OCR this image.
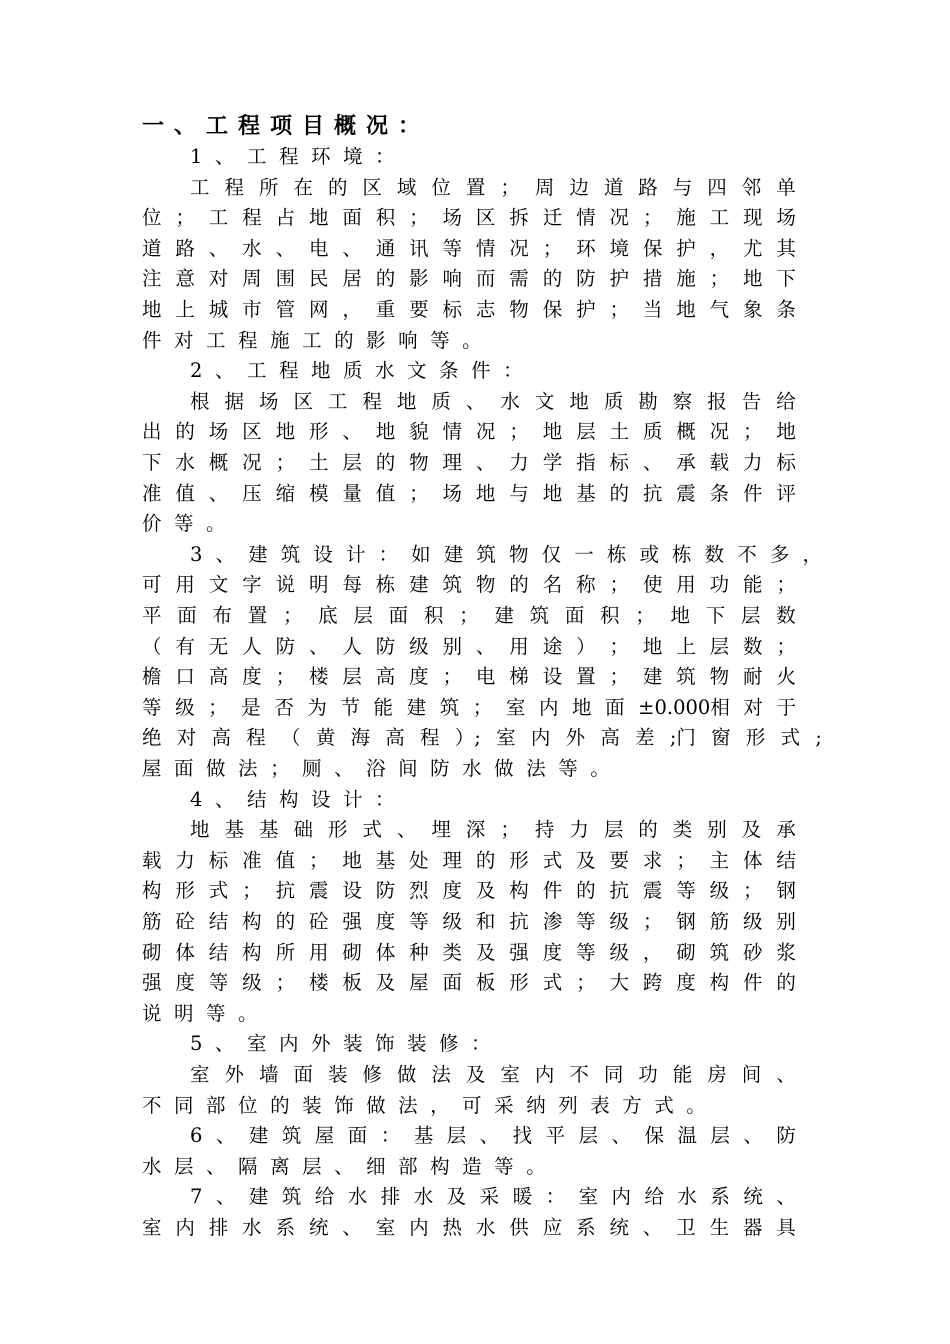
一、工程项目概况：
1 、 工 程 环 境 ：
工 程 所 在 的 区 域 位 置 ； 周 边 道 路 与 四 邻 单
位 ； 工 程 占 地 面 积 ； 场 区 拆 迁 情 况 ； 施 工 现 场
道 路 、 水 、 电 、 通 讯 等 情 况 ； 环 境 保 护 ， 尤 其
注 意 对 周 围 民 居 的 影 响 而 需 的 防 护 措 施 ； 地 下
地 上 城 市 管 网 ， 重 要 标 志 物 保 护 ； 当 地 气 象 条
件 对 工 程 施 工 的 影 响 等 。
2 、 工 程 地 质 水 文 条 件 ：
根 据 场 区 工 程 地 质 、 水 文 地 质 勘 察 报 告 给
出 的 场 区 地 形 、 地 貌 情 况 ； 地 层 土 质 概 况 ； 地
下 水 概 况 ； 土 层 的 物 理 、 力 学 指 标 、 承 载 力 标
准 值 、 压 缩 模 量 值 ； 场 地 与 地 基 的 抗 震 条 件 评
价 等 。
3 、 建 筑 设 计 ： 如 建 筑 物 仅 一 栋 或 栋 数 不 多 ，
可 用 文 字 说 明 每 栋 建 筑 物 的 名 称 ； 使 用 功 能 ；
平 面 布 置 ； 底 层 面 积 ； 建 筑 面 积 ； 地 下 层 数
（ 有 无 人 防 、 人 防 级 别 、 用 途 ） ； 地 上 层 数 ；
檐 口 高 度 ； 楼 层 高 度 ； 电 梯 设 置 ； 建 筑 物 耐 火
等 级 ； 是 否 为 节 能 建 筑 ； 室 内 地 面 ±0.000相 对 于
绝 对 高 程 （ 黄 海 高 程 ）; 室 内 外 高 差 ;门 窗 形 式 ;
屋 面 做 法 ； 厕 、 浴 间 防 水 做 法 等 。
4 、 结 构 设 计 ：
地 基 基 础 形 式 、 埋 深 ； 持 力 层 的 类 别 及 承
载 力 标 准 值 ； 地 基 处 理 的 形 式 及 要 求 ； 主 体 结
构 形 式 ； 抗 震 设 防 烈 度 及 构 件 的 抗 震 等 级 ； 钢
筋 砼 结 构 的 砼 强 度 等 级 和 抗 渗 等 级 ； 钢 筋 级 别
砌 体 结 构 所 用 砌 体 种 类 及 强 度 等 级 ， 砌 筑 砂 浆
强 度 等 级 ； 楼 板 及 屋 面 板 形 式 ； 大 跨 度 构 件 的
说 明 等 。
5 、 室 内 外 装 饰 装 修 ：
室 外 墙 面 装 修 做 法 及 室 内 不 同 功 能 房 间 、
不 同 部 位 的 装 饰 做 法 ， 可 采 纳 列 表 方 式 。
6 、 建 筑 屋 面 ： 基 层 、 找 平 层 、 保 温 层 、 防
水 层 、 隔 离 层 、 细 部 构 造 等 。
7 、 建 筑 给 水 排 水 及 采 暖 ： 室 内 给 水 系 统 、
室 内 排 水 系 统 、 室 内 热 水 供 应 系 统 、 卫 生 器 具
